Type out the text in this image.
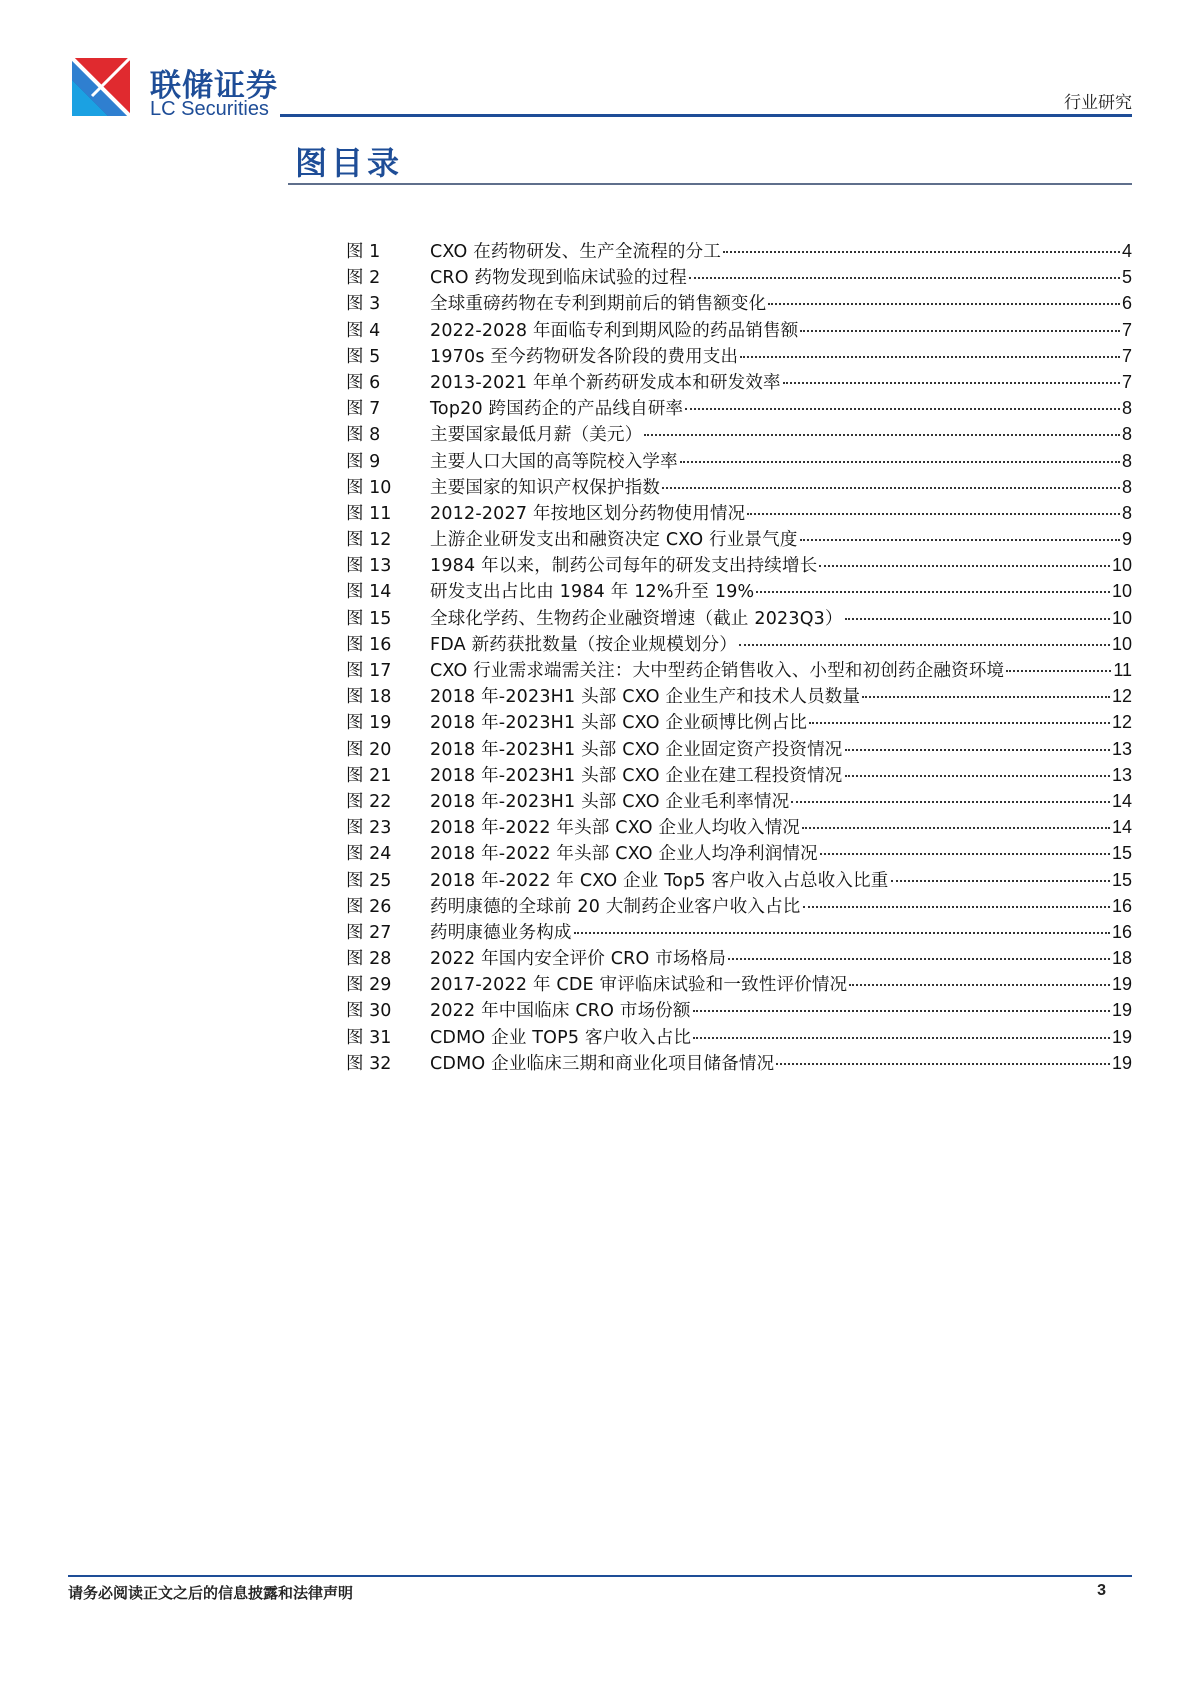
联储证券
LC Securities	行业研究
图目录
图 1	CXO 在药物研发、生产全流程的分工	4
图 2	CRO 药物发现到临床试验的过程	5
图 3	全球重磅药物在专利到期前后的销售额变化	6
图 4	2022-2028 年面临专利到期风险的药品销售额	7
图 5	1970s 至今药物研发各阶段的费用支出	7
图 6	2013-2021 年单个新药研发成本和研发效率	7
图 7	Top20 跨国药企的产品线自研率	8
图 8	主要国家最低月薪（美元）	8
图 9	主要人口大国的高等院校入学率	8
图 10	主要国家的知识产权保护指数	8
图 11	2012-2027 年按地区划分药物使用情况	8
图 12	上游企业研发支出和融资决定 CXO 行业景气度	9
图 13	1984 年以来，制药公司每年的研发支出持续增长	10
图 14	研发支出占比由 1984 年 12%升至 19%	10
图 15	全球化学药、生物药企业融资增速（截止 2023Q3）	10
图 16	FDA 新药获批数量（按企业规模划分）	10
图 17	CXO 行业需求端需关注：大中型药企销售收入、小型和初创药企融资环境	11
图 18	2018 年-2023H1 头部 CXO 企业生产和技术人员数量	12
图 19	2018 年-2023H1 头部 CXO 企业硕博比例占比	12
图 20	2018 年-2023H1 头部 CXO 企业固定资产投资情况	13
图 21	2018 年-2023H1 头部 CXO 企业在建工程投资情况	13
图 22	2018 年-2023H1 头部 CXO 企业毛利率情况	14
图 23	2018 年-2022 年头部 CXO 企业人均收入情况	14
图 24	2018 年-2022 年头部 CXO 企业人均净利润情况	15
图 25	2018 年-2022 年 CXO 企业 Top5 客户收入占总收入比重	15
图 26	药明康德的全球前 20 大制药企业客户收入占比	16
图 27	药明康德业务构成	16
图 28	2022 年国内安全评价 CRO 市场格局	18
图 29	2017-2022 年 CDE 审评临床试验和一致性评价情况	19
图 30	2022 年中国临床 CRO 市场份额	19
图 31	CDMO 企业 TOP5 客户收入占比	19
图 32	CDMO 企业临床三期和商业化项目储备情况	19
请务必阅读正文之后的信息披露和法律声明	3
